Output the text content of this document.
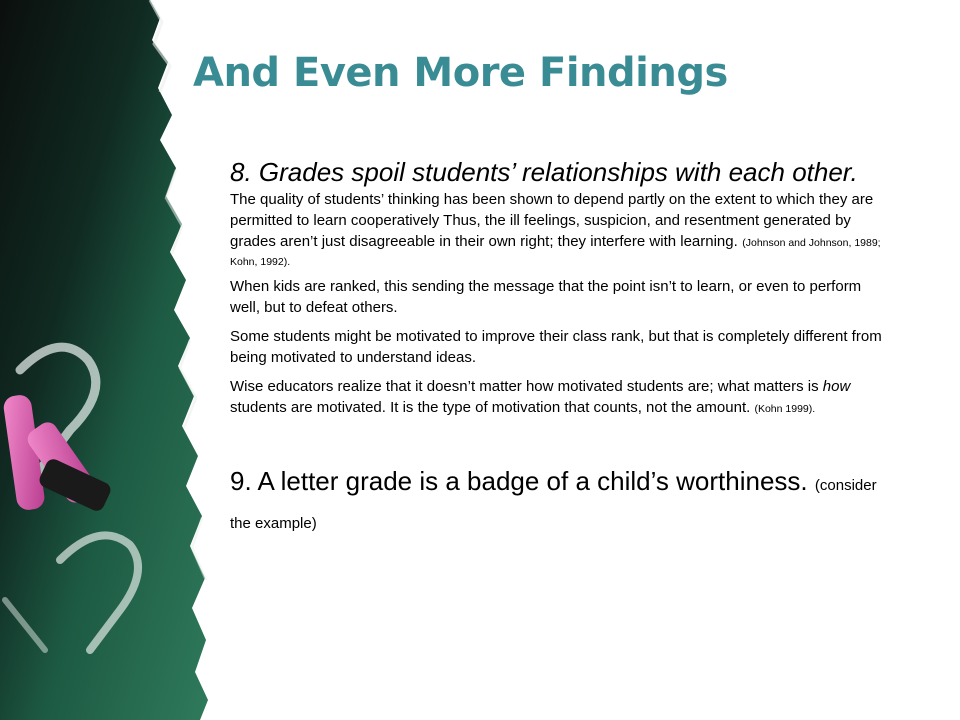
And Even More Findings

8. Grades spoil students’ relationships with each other.  The quality of students’ thinking has been shown to depend partly on the extent to which they are permitted to learn cooperatively Thus, the ill feelings, suspicion, and resentment generated by grades aren’t just disagreeable in their own right; they interfere with learning. (Johnson and Johnson, 1989; Kohn, 1992).

When kids are ranked, this sending the message that the point isn’t to learn, or even to perform well, but to defeat others.

Some students might be motivated to improve their class rank, but that is completely different from being motivated to understand ideas.

Wise educators realize that it doesn’t matter how motivated students are; what matters is how students are motivated. It is the type of motivation that counts, not the amount. (Kohn 1999).

9. A letter grade is a badge of a child’s worthiness. (consider the example)
